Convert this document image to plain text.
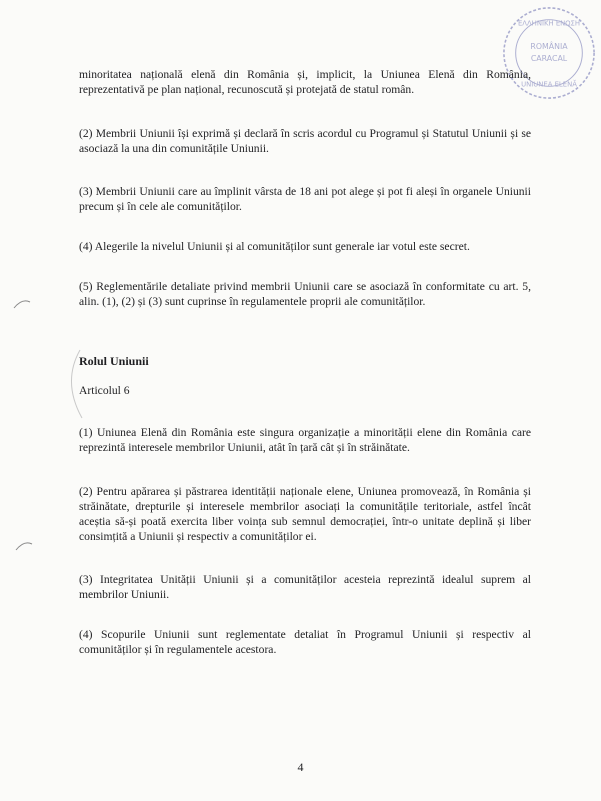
ΕΛΛΗΝΙΚΗ ΕΝΩΣΗ
ROMÂNIA
CARACAL
UNIUNEA ELENĂ
minoritatea națională elenă din România și, implicit, la Uniunea Elenă din România, reprezentativă pe plan național, recunoscută și protejată de statul român.
(2) Membrii Uniunii își exprimă și declară în scris acordul cu Programul și Statutul Uniunii și se asociază la una din comunitățile Uniunii.
(3) Membrii Uniunii care au împlinit vârsta de 18 ani pot alege și pot fi aleși în organele Uniunii precum și în cele ale comunităților.
(4) Alegerile la nivelul Uniunii și al comunităților sunt generale iar votul este secret.
(5) Reglementările detaliate privind membrii Uniunii care se asociază în conformitate cu art. 5, alin. (1), (2) și (3) sunt cuprinse în regulamentele proprii ale comunităților.
Rolul Uniunii
Articolul 6
(1) Uniunea Elenă din România este singura organizație a minorității elene din România care reprezintă interesele membrilor Uniunii, atât în țară cât și în străinătate.
(2) Pentru apărarea și păstrarea identității naționale elene, Uniunea promovează, în România și străinătate, drepturile și interesele membrilor asociați la comunitățile teritoriale, astfel încât aceștia să-și poată exercita liber voința sub semnul democrației, într-o unitate deplină și liber consimțită a Uniunii și respectiv a comunităților ei.
(3) Integritatea Unității Uniunii și a comunităților acesteia reprezintă idealul suprem al membrilor Uniunii.
(4) Scopurile Uniunii sunt reglementate detaliat în Programul Uniunii și respectiv al comunităților și în regulamentele acestora.
4
